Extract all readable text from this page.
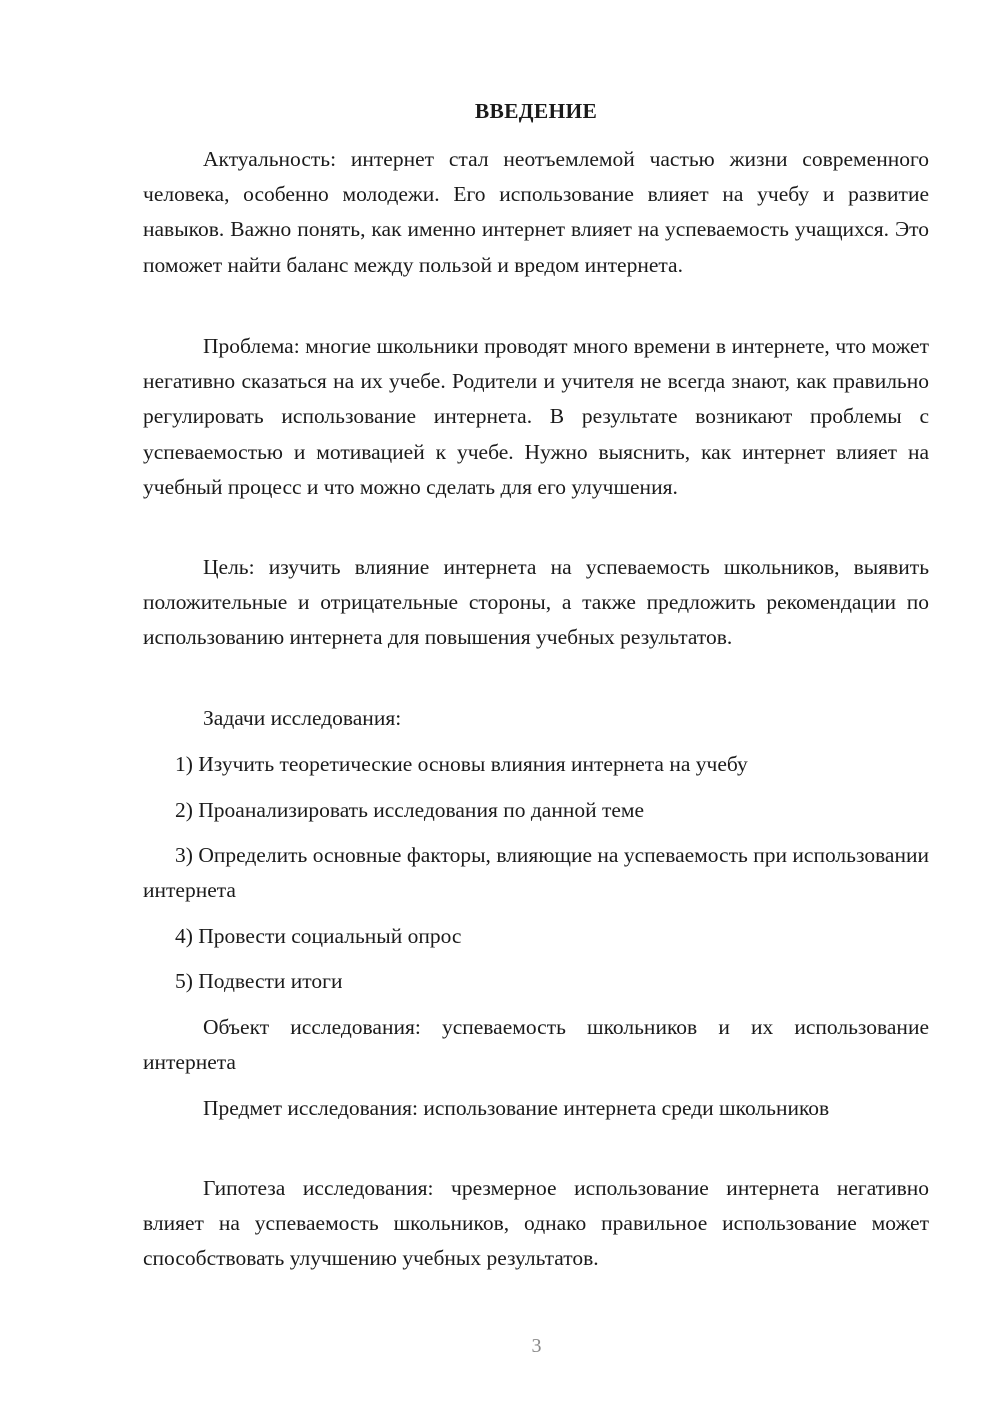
ВВЕДЕНИЕ

Актуальность: интернет стал неотъемлемой частью жизни современного человека, особенно молодежи. Его использование влияет на учебу и развитие навыков. Важно понять, как именно интернет влияет на успеваемость учащихся. Это поможет найти баланс между пользой и вредом интернета.

Проблема: многие школьники проводят много времени в интернете, что может негативно сказаться на их учебе. Родители и учителя не всегда знают, как правильно регулировать использование интернета. В результате возникают проблемы с успеваемостью и мотивацией к учебе. Нужно выяснить, как интернет влияет на учебный процесс и что можно сделать для его улучшения.

Цель: изучить влияние интернета на успеваемость школьников, выявить положительные и отрицательные стороны, а также предложить рекомендации по использованию интернета для повышения учебных результатов.

Задачи исследования:

1) Изучить теоретические основы влияния интернета на учебу

2) Проанализировать исследования по данной теме

3) Определить основные факторы, влияющие на успеваемость при использовании интернета

4) Провести социальный опрос

5) Подвести итоги

Объект исследования: успеваемость школьников и их использование интернета

Предмет исследования: использование интернета среди школьников

Гипотеза исследования: чрезмерное использование интернета негативно влияет на успеваемость школьников, однако правильное использование может способствовать улучшению учебных результатов.

3
